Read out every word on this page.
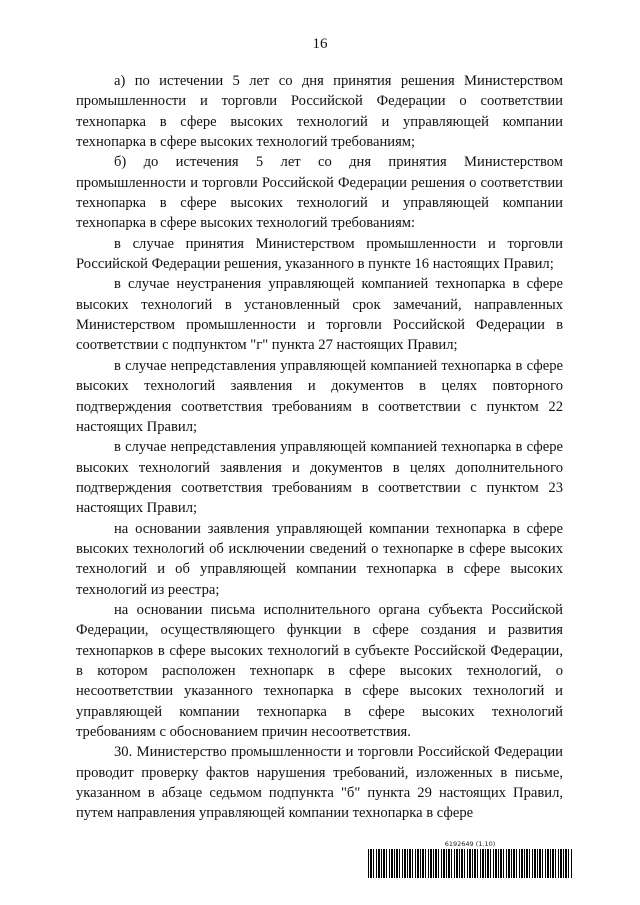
16

а) по истечении 5 лет со дня принятия решения Министерством промышленности и торговли Российской Федерации о соответствии технопарка в сфере высоких технологий и управляющей компании технопарка в сфере высоких технологий требованиям;

б) до истечения 5 лет со дня принятия Министерством промышленности и торговли Российской Федерации решения о соответствии технопарка в сфере высоких технологий и управляющей компании технопарка в сфере высоких технологий требованиям:

в случае принятия Министерством промышленности и торговли Российской Федерации решения, указанного в пункте 16 настоящих Правил;

в случае неустранения управляющей компанией технопарка в сфере высоких технологий в установленный срок замечаний, направленных Министерством промышленности и торговли Российской Федерации в соответствии с подпунктом "г" пункта 27 настоящих Правил;

в случае непредставления управляющей компанией технопарка в сфере высоких технологий заявления и документов в целях повторного подтверждения соответствия требованиям в соответствии с пунктом 22 настоящих Правил;

в случае непредставления управляющей компанией технопарка в сфере высоких технологий заявления и документов в целях дополнительного подтверждения соответствия требованиям в соответствии с пунктом 23 настоящих Правил;

на основании заявления управляющей компании технопарка в сфере высоких технологий об исключении сведений о технопарке в сфере высоких технологий и об управляющей компании технопарка в сфере высоких технологий из реестра;

на основании письма исполнительного органа субъекта Российской Федерации, осуществляющего функции в сфере создания и развития технопарков в сфере высоких технологий в субъекте Российской Федерации, в котором расположен технопарк в сфере высоких технологий, о несоответствии указанного технопарка в сфере высоких технологий и управляющей компании технопарка в сфере высоких технологий требованиям с обоснованием причин несоответствия.

30. Министерство промышленности и торговли Российской Федерации проводит проверку фактов нарушения требований, изложенных в письме, указанном в абзаце седьмом подпункта "б" пункта 29 настоящих Правил, путем направления управляющей компании технопарка в сфере

6192649 (1.10)
